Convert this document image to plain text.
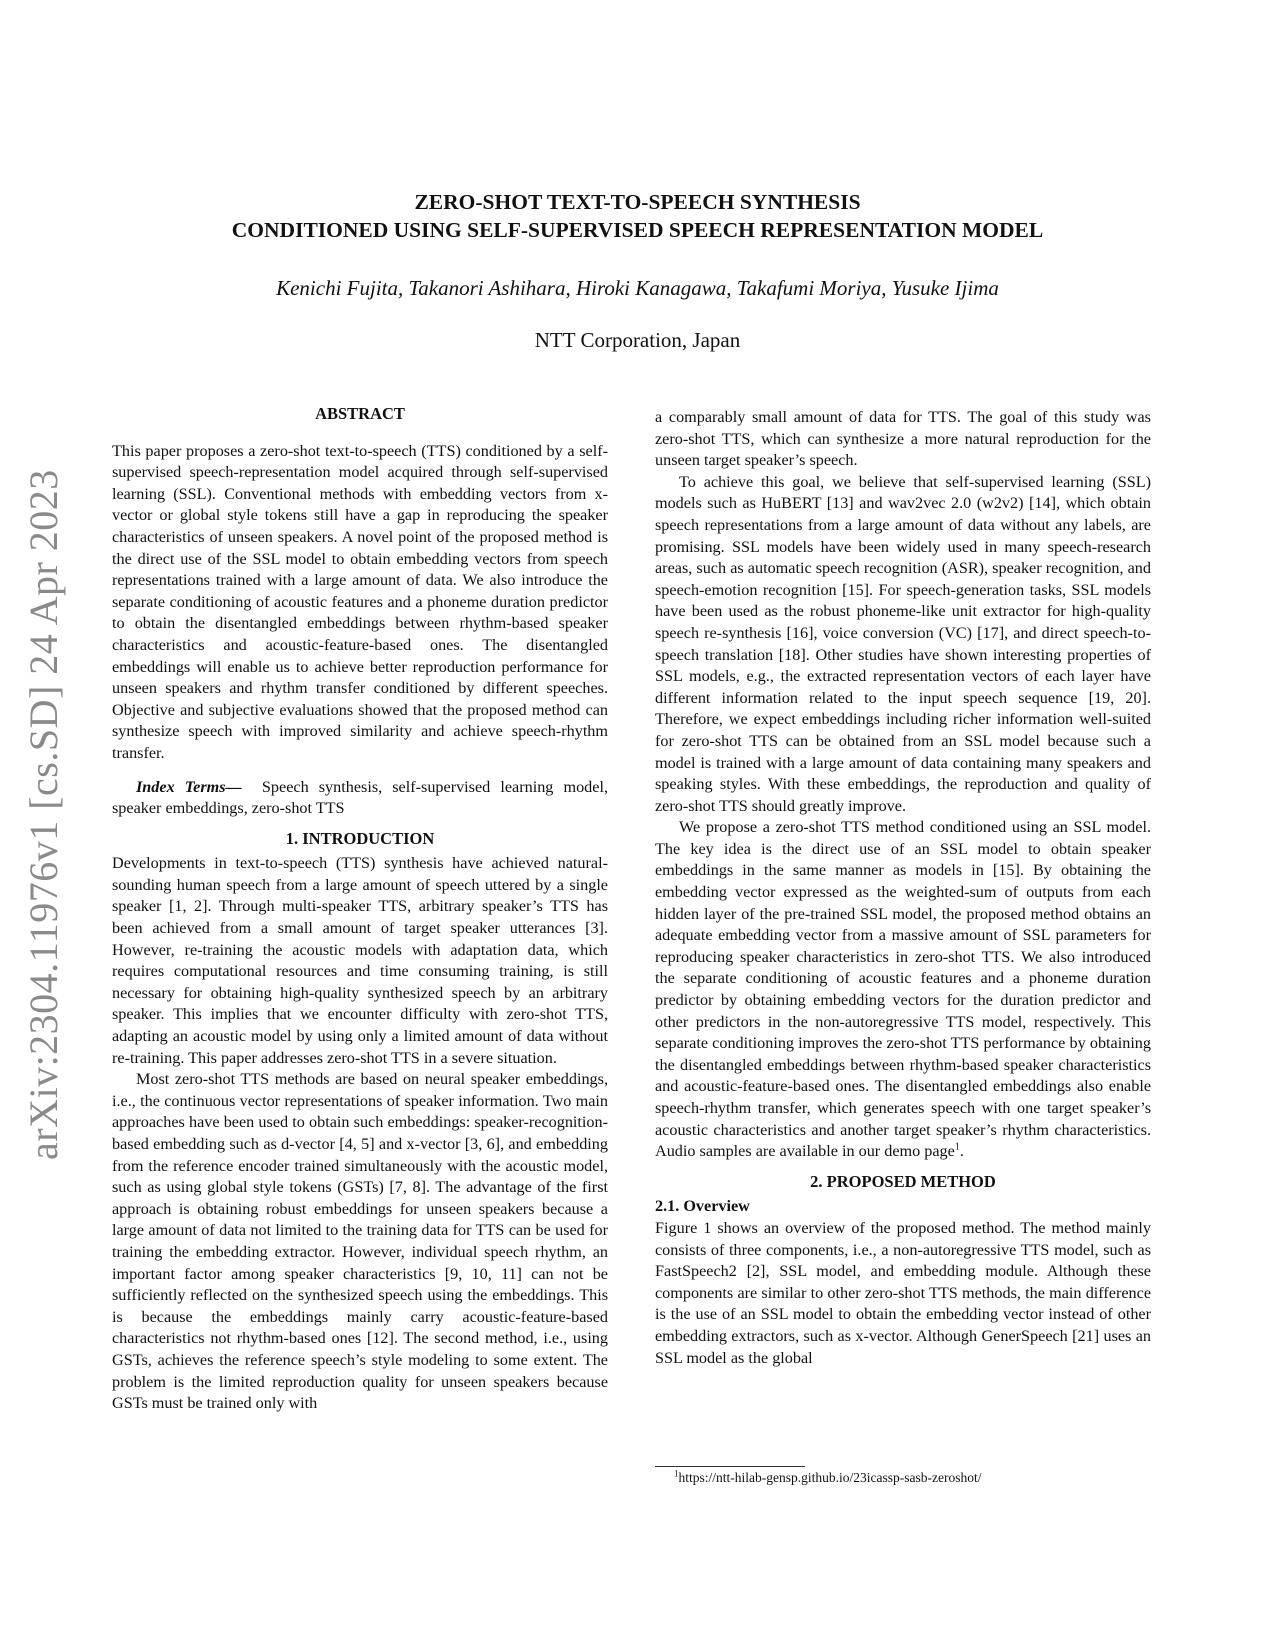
arXiv:2304.11976v1 [cs.SD] 24 Apr 2023
ZERO-SHOT TEXT-TO-SPEECH SYNTHESIS
CONDITIONED USING SELF-SUPERVISED SPEECH REPRESENTATION MODEL
Kenichi Fujita, Takanori Ashihara, Hiroki Kanagawa, Takafumi Moriya, Yusuke Ijima
NTT Corporation, Japan
ABSTRACT

This paper proposes a zero-shot text-to-speech (TTS) conditioned by a self-supervised speech-representation model acquired through self-supervised learning (SSL). Conventional methods with embedding vectors from x-vector or global style tokens still have a gap in reproducing the speaker characteristics of unseen speakers. A novel point of the proposed method is the direct use of the SSL model to obtain embedding vectors from speech representations trained with a large amount of data. We also introduce the separate conditioning of acoustic features and a phoneme duration predictor to obtain the disentangled embeddings between rhythm-based speaker characteristics and acoustic-feature-based ones. The disentangled embeddings will enable us to achieve better reproduction performance for unseen speakers and rhythm transfer conditioned by different speeches. Objective and subjective evaluations showed that the proposed method can synthesize speech with improved similarity and achieve speech-rhythm transfer.

Index Terms— Speech synthesis, self-supervised learning model, speaker embeddings, zero-shot TTS

1. INTRODUCTION

Developments in text-to-speech (TTS) synthesis have achieved natural-sounding human speech from a large amount of speech uttered by a single speaker [1, 2]. Through multi-speaker TTS, arbitrary speaker’s TTS has been achieved from a small amount of target speaker utterances [3]. However, re-training the acoustic models with adaptation data, which requires computational resources and time consuming training, is still necessary for obtaining high-quality synthesized speech by an arbitrary speaker. This implies that we encounter difficulty with zero-shot TTS, adapting an acoustic model by using only a limited amount of data without re-training. This paper addresses zero-shot TTS in a severe situation.

Most zero-shot TTS methods are based on neural speaker embeddings, i.e., the continuous vector representations of speaker information. Two main approaches have been used to obtain such embeddings: speaker-recognition-based embedding such as d-vector [4, 5] and x-vector [3, 6], and embedding from the reference encoder trained simultaneously with the acoustic model, such as using global style tokens (GSTs) [7, 8]. The advantage of the first approach is obtaining robust embeddings for unseen speakers because a large amount of data not limited to the training data for TTS can be used for training the embedding extractor. However, individual speech rhythm, an important factor among speaker characteristics [9, 10, 11] can not be sufficiently reflected on the synthesized speech using the embeddings. This is because the embeddings mainly carry acoustic-feature-based characteristics not rhythm-based ones [12]. The second method, i.e., using GSTs, achieves the reference speech’s style modeling to some extent. The problem is the limited reproduction quality for unseen speakers because GSTs must be trained only with

a comparably small amount of data for TTS. The goal of this study was zero-shot TTS, which can synthesize a more natural reproduction for the unseen target speaker’s speech.

To achieve this goal, we believe that self-supervised learning (SSL) models such as HuBERT [13] and wav2vec 2.0 (w2v2) [14], which obtain speech representations from a large amount of data without any labels, are promising. SSL models have been widely used in many speech-research areas, such as automatic speech recognition (ASR), speaker recognition, and speech-emotion recognition [15]. For speech-generation tasks, SSL models have been used as the robust phoneme-like unit extractor for high-quality speech re-synthesis [16], voice conversion (VC) [17], and direct speech-to-speech translation [18]. Other studies have shown interesting properties of SSL models, e.g., the extracted representation vectors of each layer have different information related to the input speech sequence [19, 20]. Therefore, we expect embeddings including richer information well-suited for zero-shot TTS can be obtained from an SSL model because such a model is trained with a large amount of data containing many speakers and speaking styles. With these embeddings, the reproduction and quality of zero-shot TTS should greatly improve.

We propose a zero-shot TTS method conditioned using an SSL model. The key idea is the direct use of an SSL model to obtain speaker embeddings in the same manner as models in [15]. By obtaining the embedding vector expressed as the weighted-sum of outputs from each hidden layer of the pre-trained SSL model, the proposed method obtains an adequate embedding vector from a massive amount of SSL parameters for reproducing speaker characteristics in zero-shot TTS. We also introduced the separate conditioning of acoustic features and a phoneme duration predictor by obtaining embedding vectors for the duration predictor and other predictors in the non-autoregressive TTS model, respectively. This separate conditioning improves the zero-shot TTS performance by obtaining the disentangled embeddings between rhythm-based speaker characteristics and acoustic-feature-based ones. The disentangled embeddings also enable speech-rhythm transfer, which generates speech with one target speaker’s acoustic characteristics and another target speaker’s rhythm characteristics. Audio samples are available in our demo page$^1$.

2. PROPOSED METHOD
2.1. Overview

Figure 1 shows an overview of the proposed method. The method mainly consists of three components, i.e., a non-autoregressive TTS model, such as FastSpeech2 [2], SSL model, and embedding module. Although these components are similar to other zero-shot TTS methods, the main difference is the use of an SSL model to obtain the embedding vector instead of other embedding extractors, such as x-vector. Although GenerSpeech [21] uses an SSL model as the global

$^1$https://ntt-hilab-gensp.github.io/23icassp-sasb-zeroshot/
